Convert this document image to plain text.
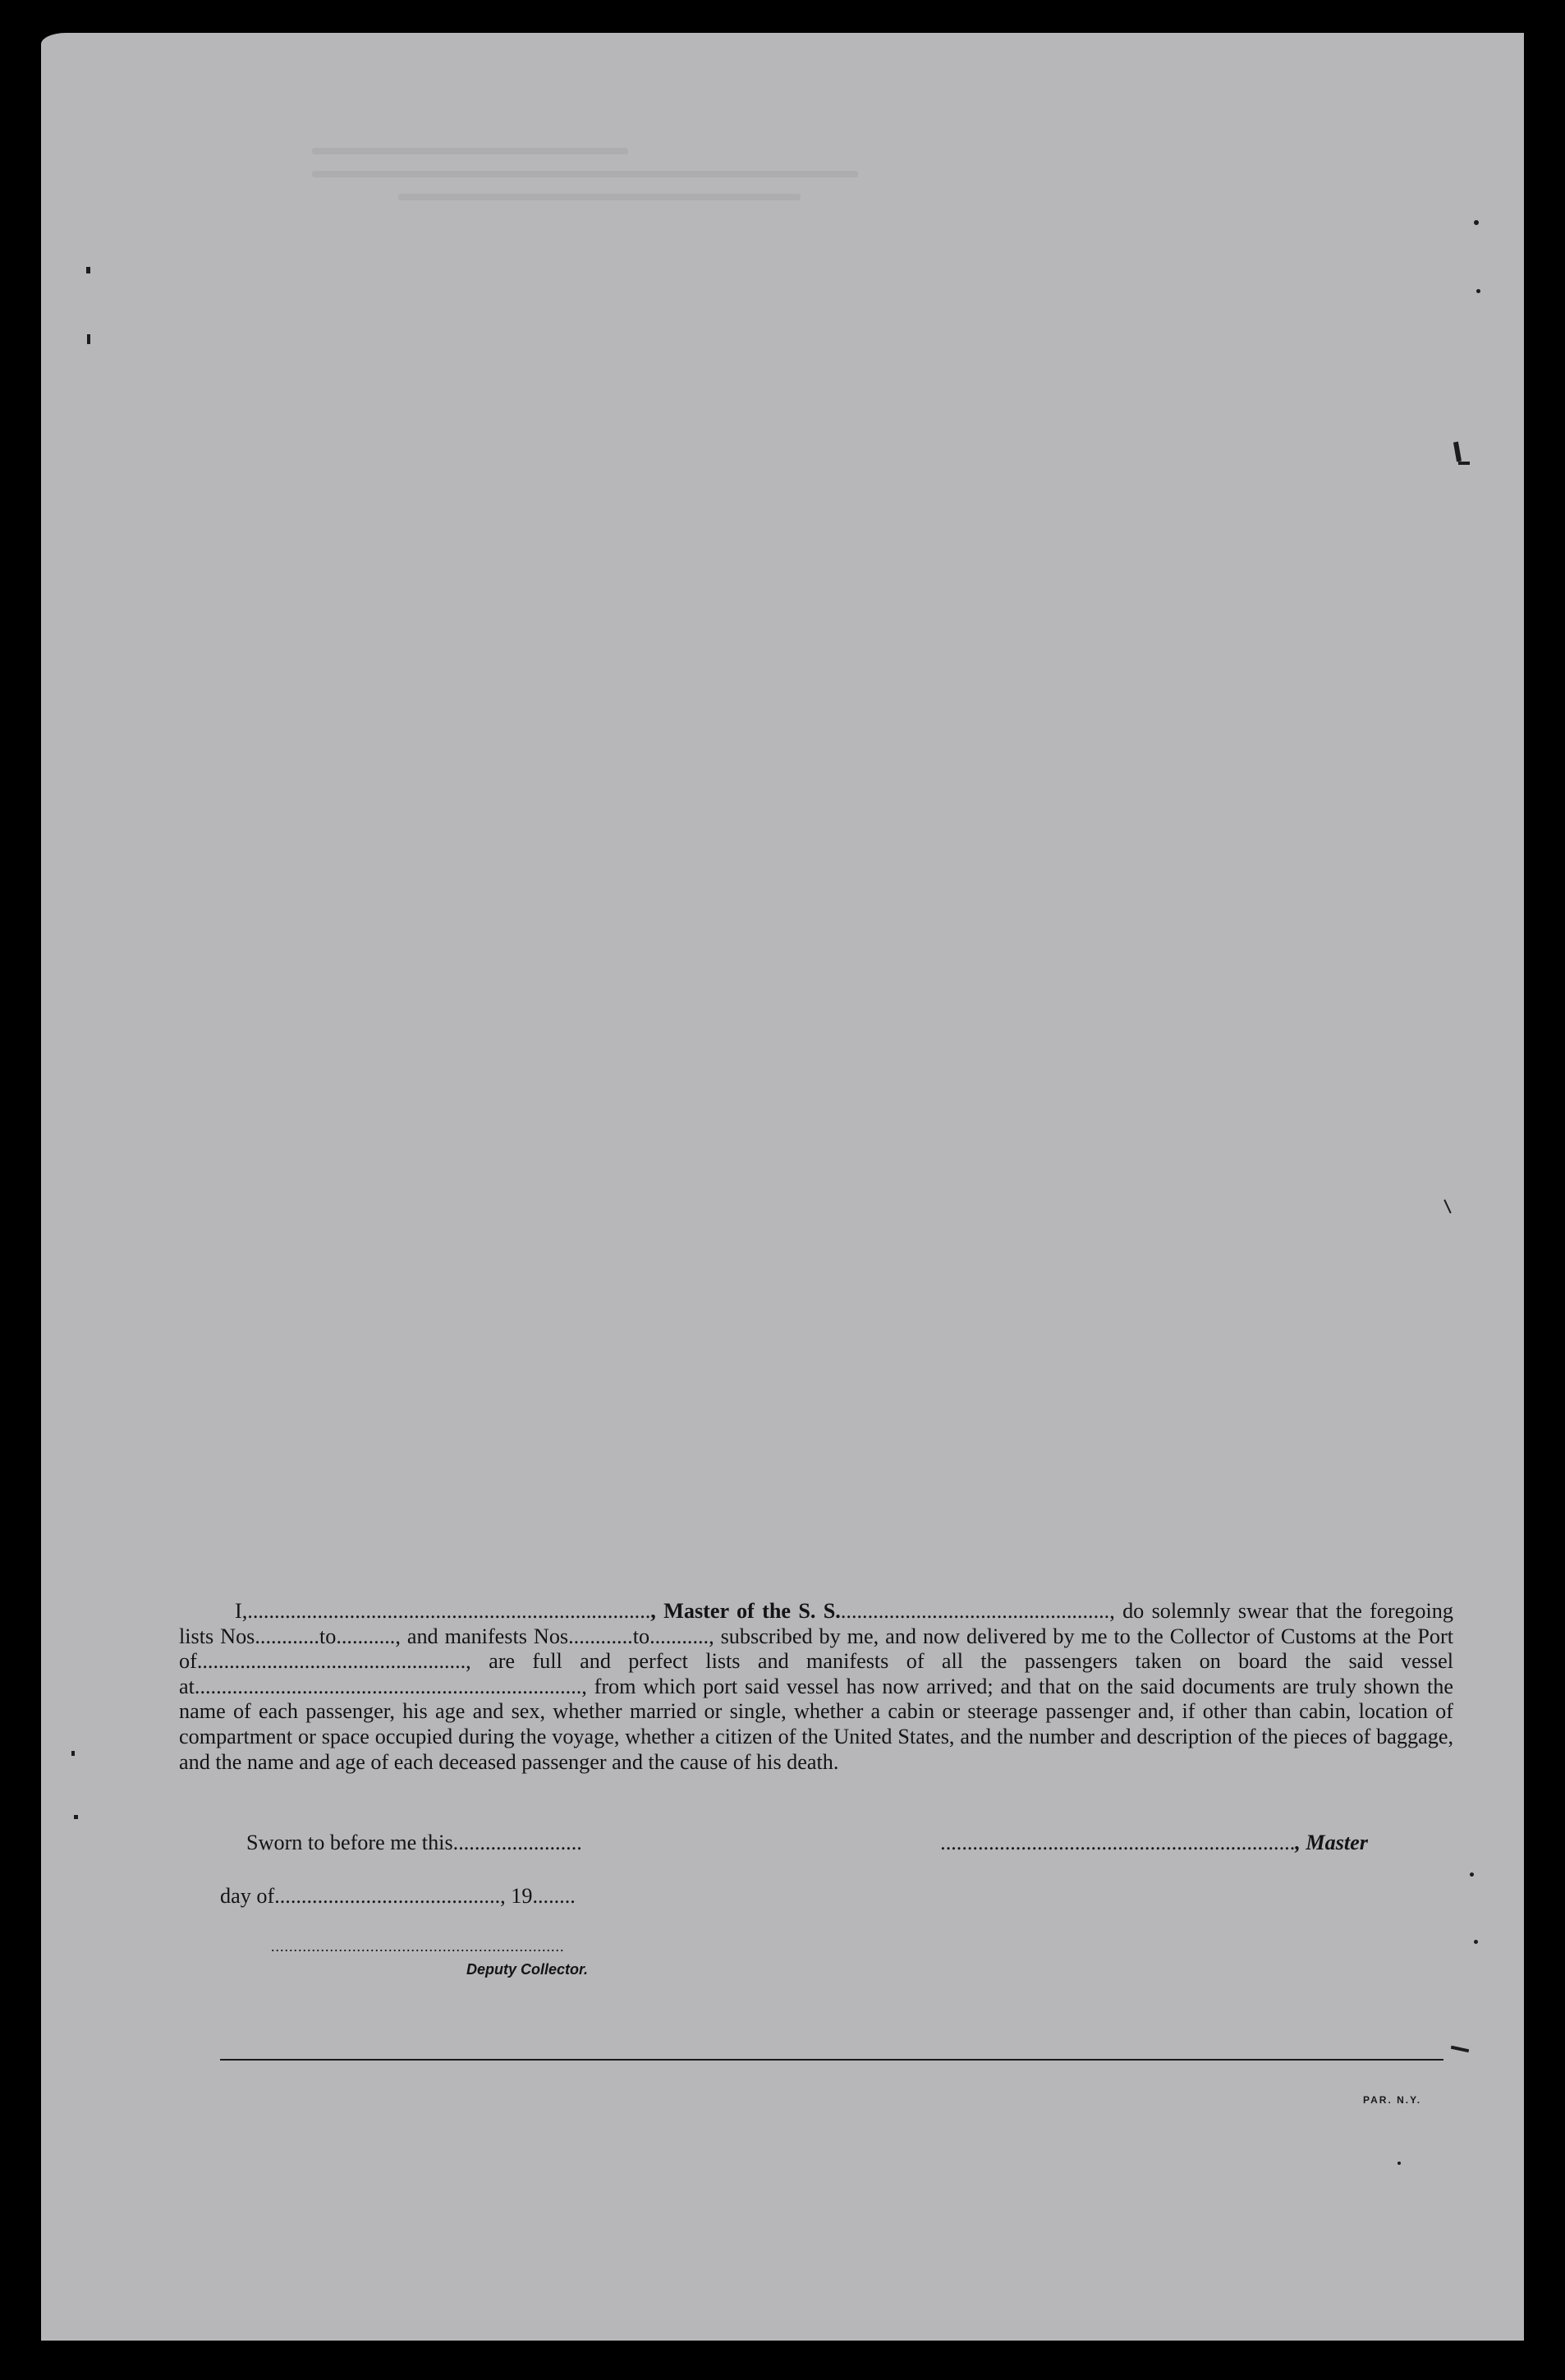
I,..........................................................................., Master of the S. S..................................................., do solemnly swear that the foregoing lists Nos............to..........., and manifests Nos............to..........., subscribed by me, and now delivered by me to the Collector of Customs at the Port of.................................................., are full and perfect lists and manifests of all the passengers taken on board the said vessel at........................................................................, from which port said vessel has now arrived; and that on the said documents are truly shown the name of each passenger, his age and sex, whether married or single, whether a cabin or steerage passenger and, if other than cabin, location of compartment or space occupied during the voyage, whether a citizen of the United States, and the number and description of the pieces of baggage, and the name and age of each deceased passenger and the cause of his death.
Sworn to before me this........................	.................................................................., Master
day of.........................................., 19........
.................................................................
Deputy Collector.
PAR. N.Y.
